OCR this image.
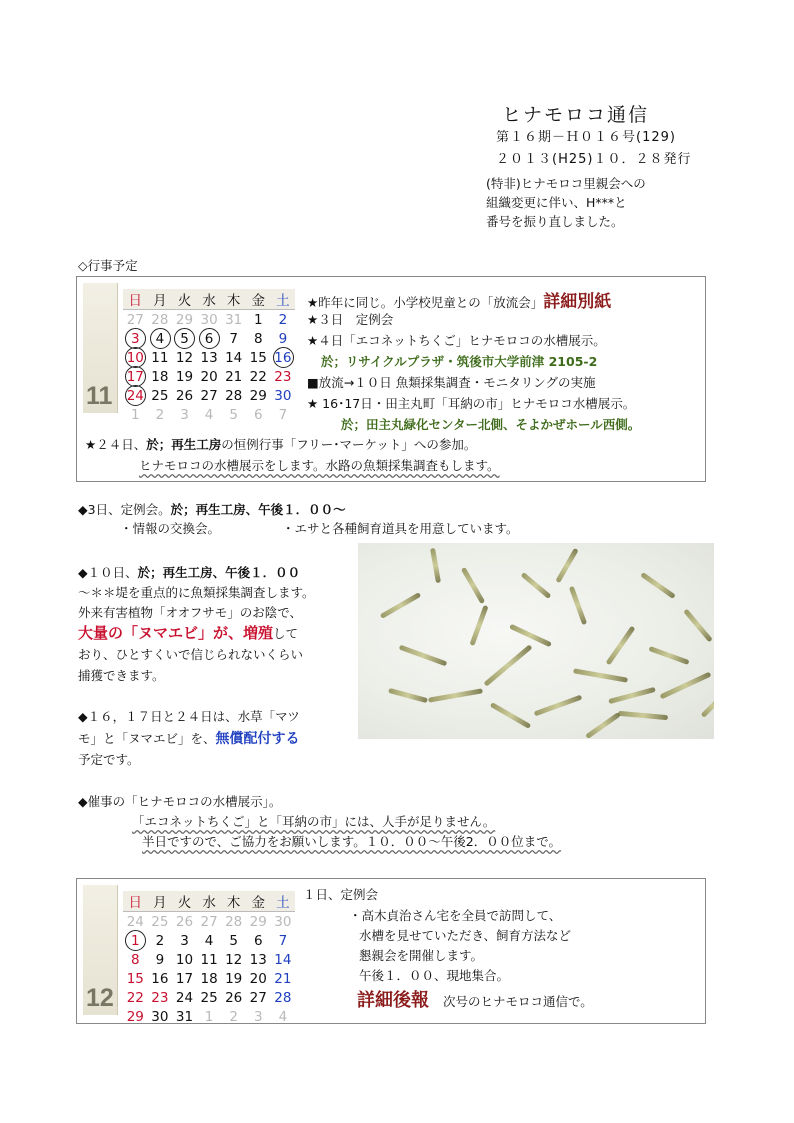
ヒナモロコ通信
第１６期－Ｈ０１６号(129)
２０１３(H25)１０．２８発行
(特非)ヒナモロコ里親会への
組織変更に伴い、H***と
番号を振り直しました。
◇行事予定
11
日	月	火	水	木	金	土
27	28	29	30	31	1	2
3	4	5	6	7	8	9
10	11	12	13	14	15	16
17	18	19	20	21	22	23
24	25	26	27	28	29	30
1	2	3	4	5	6	7
★昨年に同じ。小学校児童との「放流会」詳細別紙
★３日　定例会
★４日「エコネットちくご」ヒナモロコの水槽展示。
於；リサイクルプラザ・筑後市大学前津 2105-2
■放流→１０日 魚類採集調査・モニタリングの実施
★ 16･17日・田主丸町「耳納の市」ヒナモロコ水槽展示。
於；田主丸緑化センター北側、そよかぜホール西側。
★２４日、於；再生工房の恒例行事「フリー･マーケット」への参加。
ヒナモロコの水槽展示をします。水路の魚類採集調査もします。
◆3日、定例会。於；再生工房、午後１．００～
・情報の交換会。	・エサと各種飼育道具を用意しています。
◆１０日、於；再生工房、午後１．００
～＊＊堤を重点的に魚類採集調査します。
外来有害植物「オオフサモ」のお陰で、
大量の「ヌマエビ」が、増殖して
おり、ひとすくいで信じられないくらい
捕獲できます。
◆１６，１７日と２４日は、水草「マツ
モ」と「ヌマエビ」を、無償配付する
予定です。
◆催事の「ヒナモロコの水槽展示」。
「エコネットちくご」と「耳納の市」には、人手が足りません。
半日ですので、ご協力をお願いします。１０．００～午後2．００位まで。
12
日	月	火	水	木	金	土
24	25	26	27	28	29	30
1	2	3	4	5	6	7
8	9	10	11	12	13	14
15	16	17	18	19	20	21
22	23	24	25	26	27	28
29	30	31	1	2	3	4
１日、定例会
・高木貞治さん宅を全員で訪問して、
水槽を見せていただき、飼育方法など
懇親会を開催します。
午後１．００、現地集合。
詳細後報 次号のヒナモロコ通信で。
